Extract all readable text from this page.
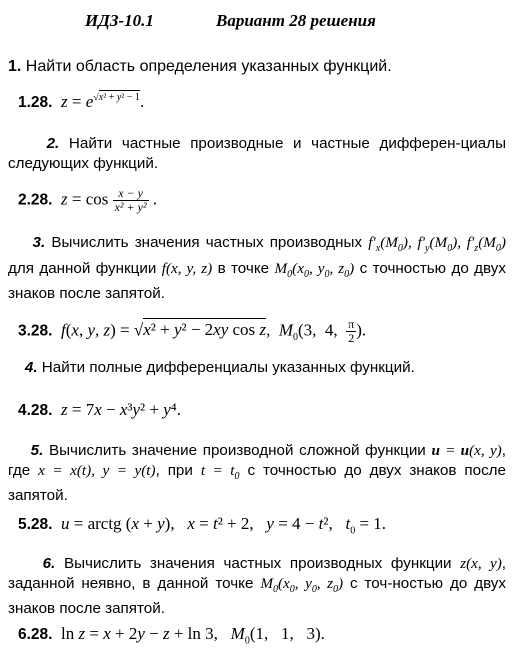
ИДЗ-10.1	Вариант 28 решения
1. Найти область определения указанных функций.
1.28. $z = e^{√x^2 + y^2 - 1}$.
2. Найти частные производные и частные дифферен-циалы следующих функций.
2.28. $z = \cos \frac{x - y}{\text{x² + y²}}$ .
3. Вычислить значения частных производных $f'_x(M_0)$, $f'_y(M_0)$, $f'_z(M_0)$ для данной функции f(x, y, z) в точке $M_0(x_0$, $y_0$, $z_0$) с точностью до двух знаков после запятой.
3.28. f(x, y, z) = √x² + y² − 2xy cos z,  $M_0(3$,  4, $\frac{\pi}{2}$ ).
4. Найти полные дифференциалы указанных функций.
4.28. z = 7x − x³y² + y⁴.
5. Вычислить значение производной сложной функции u = u(x, y), где x = x(t), y = y(t), при $t = t_0$ с точностью до двух знаков после запятой.
5.28. u = arctg (x + y),   x = t² + 2,   y = 4 − t²,   $t_0 = 1$.
6. Вычислить значения частных производных функции z(x, y), заданной неявно, в данной точке $M_0(x_0$, $y_0$, $z_0$) с точ-ностью до двух знаков после запятой.
6.28.  ln z = x + 2y − z + ln 3,   $M_0(1$,   1,   3).
